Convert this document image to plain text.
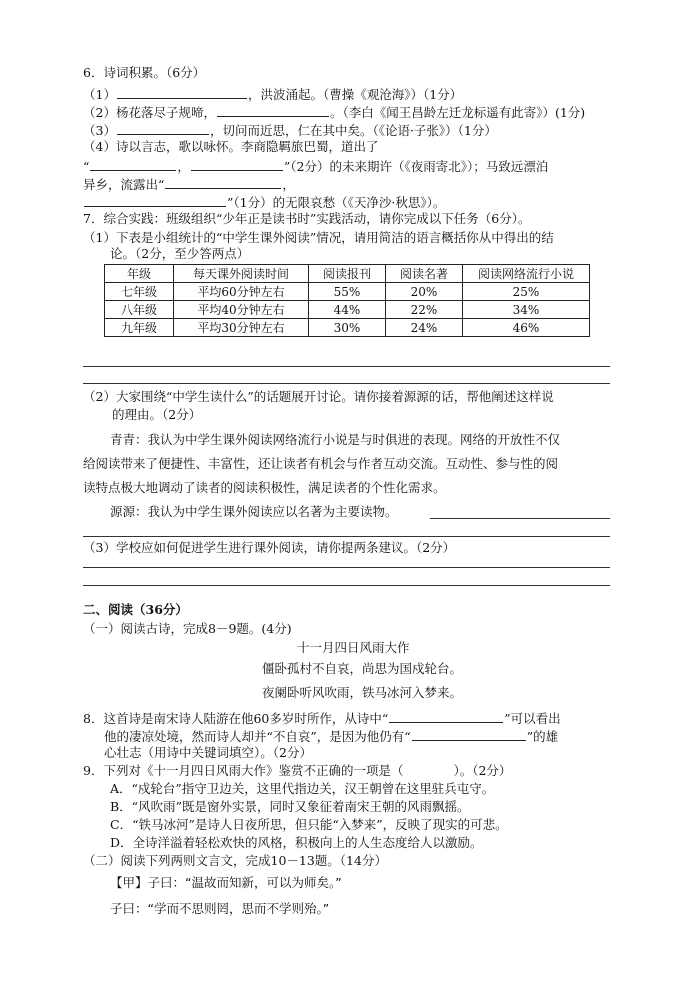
6．诗词积累。（6分）
（1）	，洪波涌起。（曹操《观沧海》）（1分）
（2）杨花落尽子规啼，	。（李白《闻王昌龄左迁龙标遥有此寄》）(1分)
（3）	，切问而近思，仁在其中矣。（《论语·子张》）（1分）
（4）诗以言志，歌以咏怀。李商隐羁旅巴蜀，道出了
“	，	”（2分）的未来期许（《夜雨寄北》）；马致远漂泊
异乡，流露出“	，
”（1分）的无限哀愁（《天净沙·秋思》）。
7．综合实践：班级组织“少年正是读书时”实践活动，请你完成以下任务（6分）。
（1）下表是小组统计的“中学生课外阅读”情况，请用简洁的语言概括你从中得出的结
论。（2分，至少答两点）
年级	每天课外阅读时间	阅读报刊	阅读名著	阅读网络流行小说
七年级	平均60分钟左右	55%	20%	25%
八年级	平均40分钟左右	44%	22%	34%
九年级	平均30分钟左右	30%	24%	46%
（2）大家围绕“中学生读什么”的话题展开讨论。请你接着源源的话，帮他阐述这样说
的理由。（2分）
青青：我认为中学生课外阅读网络流行小说是与时俱进的表现。网络的开放性不仅
给阅读带来了便捷性、丰富性，还让读者有机会与作者互动交流。互动性、参与性的阅
读特点极大地调动了读者的阅读积极性，满足读者的个性化需求。
源源：我认为中学生课外阅读应以名著为主要读物。
（3）学校应如何促进学生进行课外阅读，请你提两条建议。（2分）
二、阅读（36分）
（一）阅读古诗，完成8－9题。(4分)
十一月四日风雨大作
僵卧孤村不自哀，尚思为国戍轮台。
夜阑卧听风吹雨，铁马冰河入梦来。
8．这首诗是南宋诗人陆游在他60多岁时所作，从诗中“	”可以看出
他的凄凉处境，然而诗人却并“不自哀”，是因为他仍有“	”的雄
心壮志（用诗中关键词填空）。（2分）
9．下列对《十一月四日风雨大作》鉴赏不正确的一项是（	）。（2分）
A．“戍轮台”指守卫边关，这里代指边关，汉王朝曾在这里驻兵屯守。
B．“风吹雨”既是窗外实景，同时又象征着南宋王朝的风雨飘摇。
C．“铁马冰河”是诗人日夜所思，但只能“入梦来”，反映了现实的可悲。
D．全诗洋溢着轻松欢快的风格，积极向上的人生态度给人以激励。
（二）阅读下列两则文言文，完成10－13题。（14分）
【甲】子曰：“温故而知新，可以为师矣。”
子曰：“学而不思则罔，思而不学则殆。”
